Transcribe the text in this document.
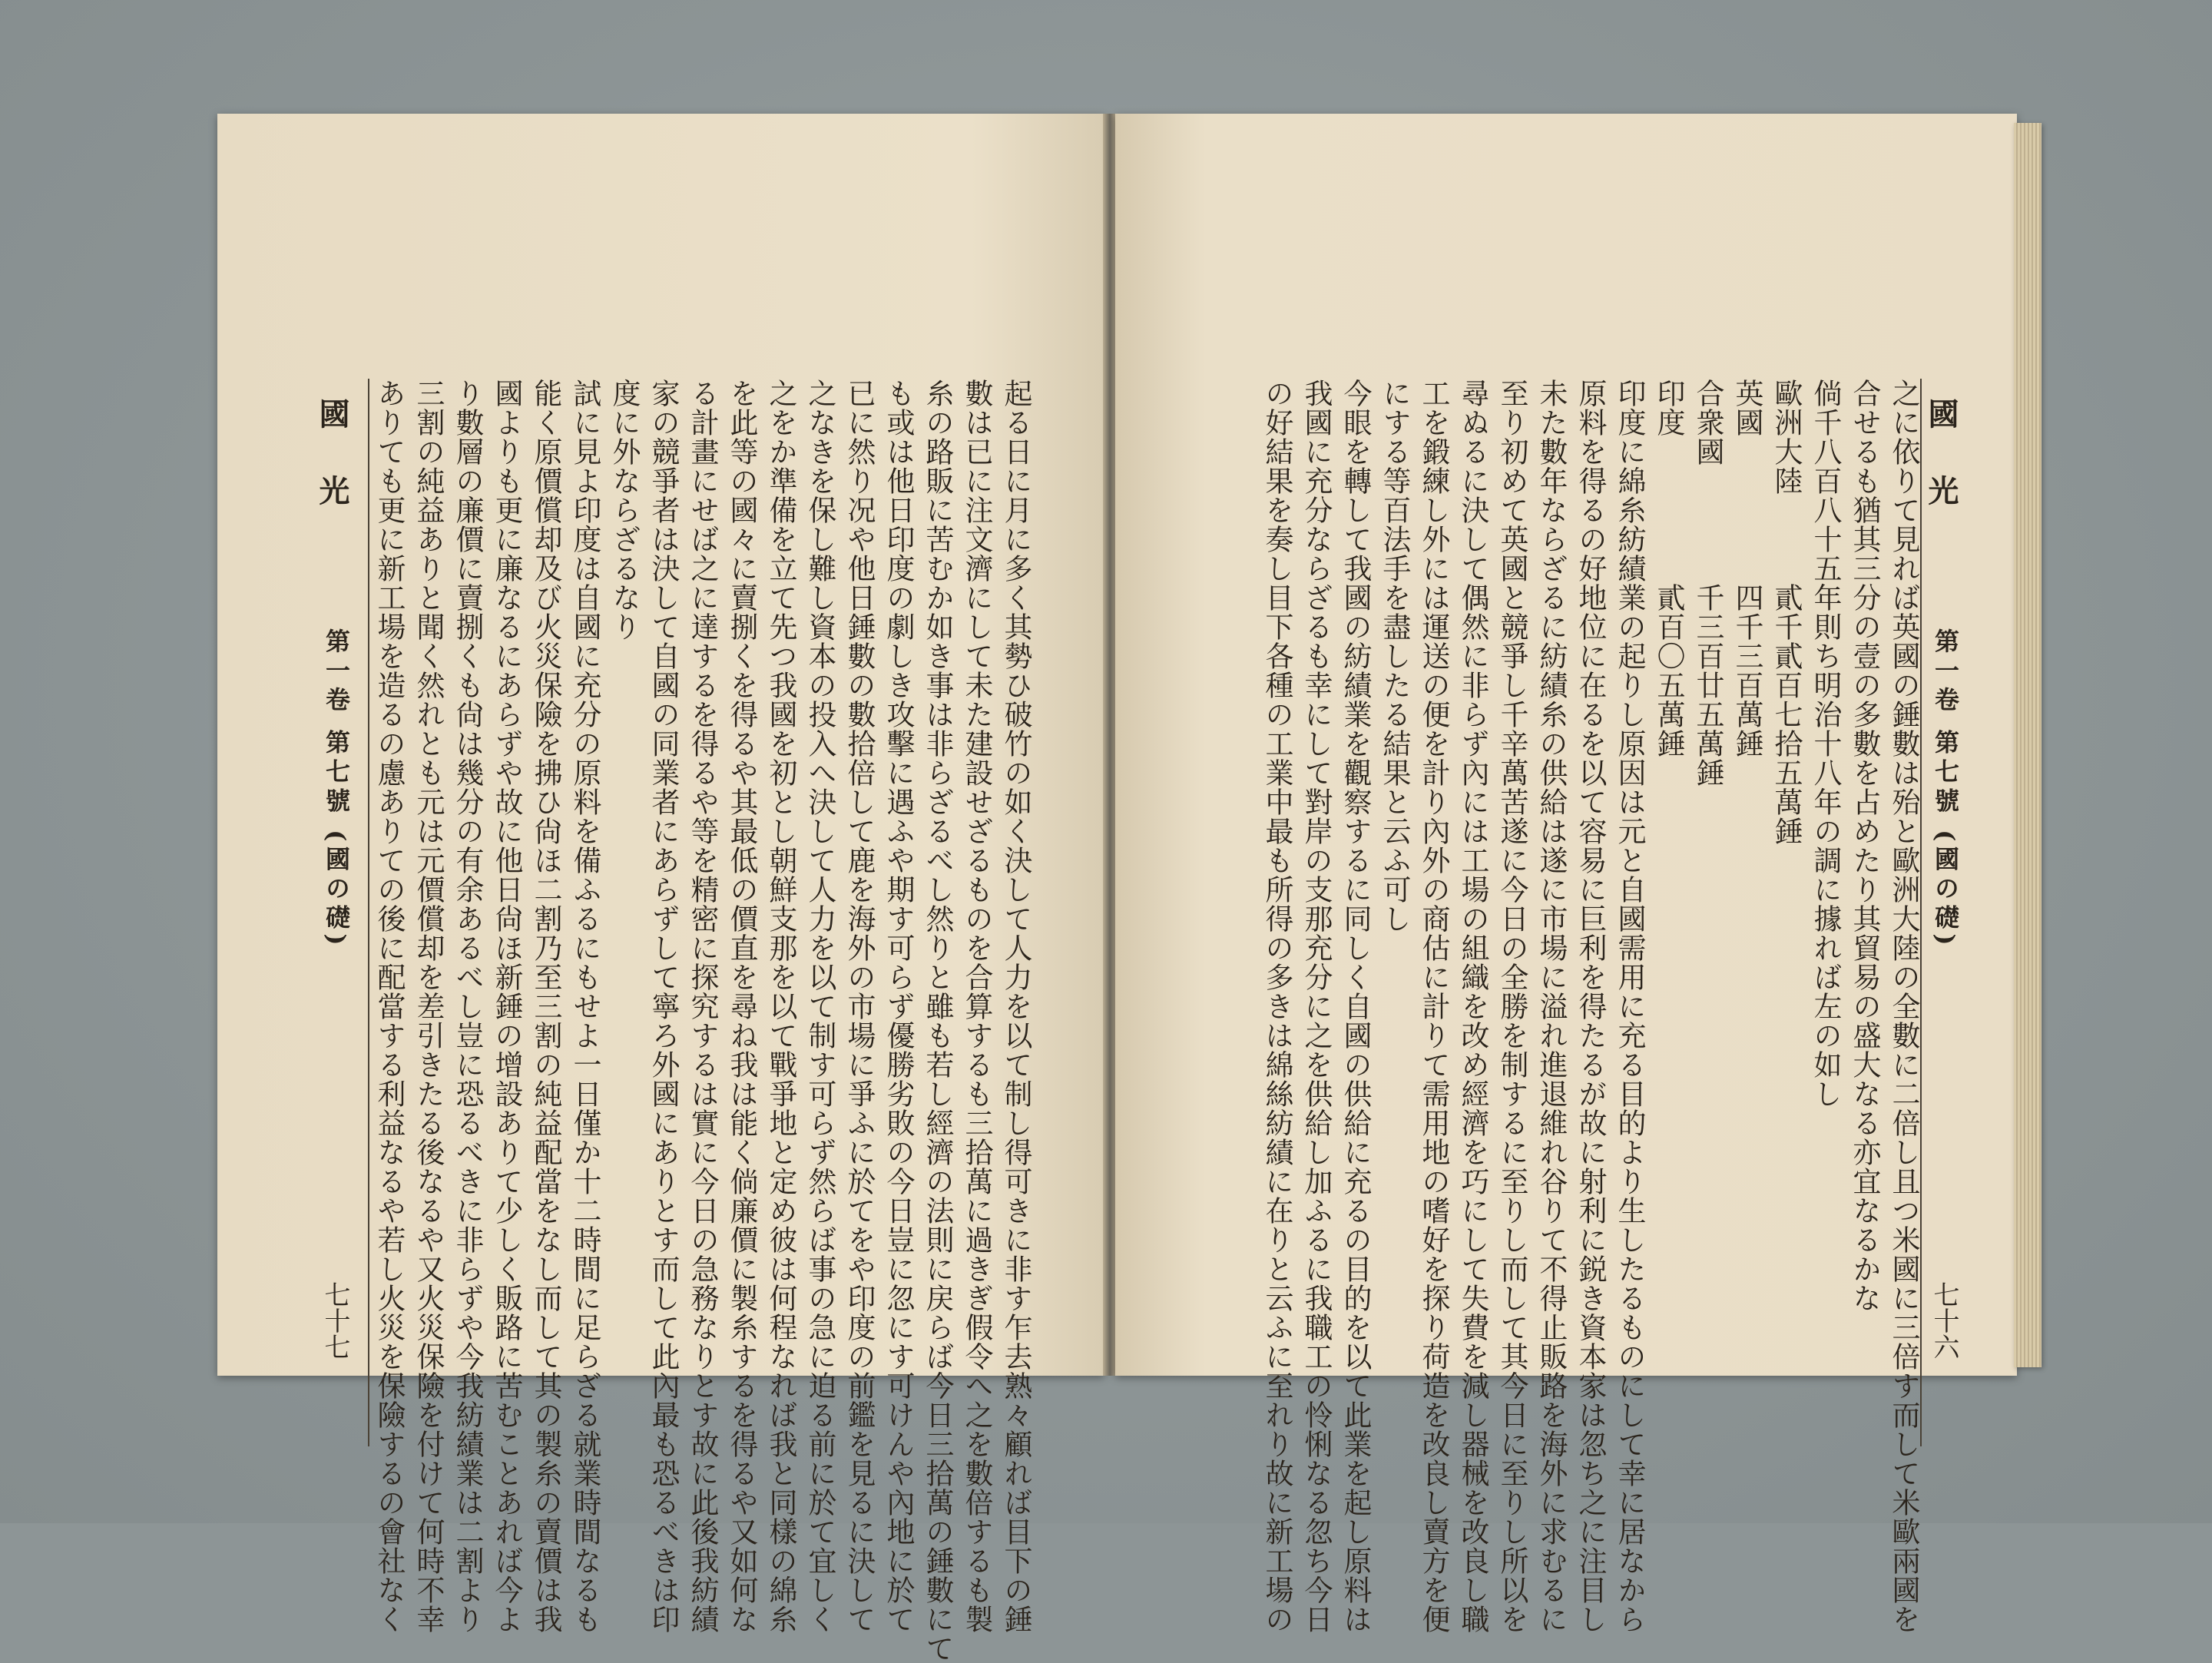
國光
第一卷 第七號 (國の礎)
七十七	起る日に月に多く其勢ひ破竹の如く決して人力を以て制し得可きに非す乍去熟々顧れば目下の錘

數は已に注文濟にして未た建設せざるものを合算するも三拾萬に過きぎ假令へ之を數倍するも製

糸の路販に苦むか如き事は非らざるべし然りと雖も若し經濟の法則に戻らば今日三拾萬の錘數にて

も或は他日印度の劇しき攻擊に遇ふや期す可らず優勝劣敗の今日豈に忽にす可けんや內地に於て

已に然り况や他日錘數の數拾倍して鹿を海外の市場に爭ふに於てをや印度の前鑑を見るに決して

之なきを保し難し資本の投入へ決して人力を以て制す可らず然らば事の急に迫る前に於て宜しく

之をか準備を立て先つ我國を初とし朝鮮支那を以て戰爭地と定め彼は何程なれば我と同樣の綿糸

を此等の國々に賣捌くを得るや其最低の價直を尋ね我は能く倘廉價に製糸するを得るや又如何な

る計畫にせば之に達するを得るや等を精密に探究するは實に今日の急務なりとす故に此後我紡績

家の競爭者は決して自國の同業者にあらずして寧ろ外國にありとす而して此內最も恐るべきは印

度に外ならざるなり

試に見よ印度は自國に充分の原料を備ふるにもせよ一日僅か十二時間に足らざる就業時間なるも

能く原價償却及び火災保險を拂ひ尙ほ二割乃至三割の純益配當をなし而して其の製糸の賣價は我

國よりも更に廉なるにあらずや故に他日尙ほ新錘の增設ありて少しく販路に苦むことあれば今よ

り數層の廉價に賣捌くも尙は幾分の有余あるべし豈に恐るべきに非らずや今我紡績業は二割より

三割の純益ありと聞く然れとも元は元價償却を差引きたる後なるや又火災保險を付けて何時不幸

ありても更に新工場を造るの慮ありての後に配當する利益なるや若し火災を保險するの會社なく	國光
第一卷 第七號 (國の礎)
七十六

之に依りて見れば英國の錘數は殆と歐洲大陸の全數に二倍し且つ米國に三倍す而して米歐兩國を

合せるも猶其三分の壹の多數を占めたり其貿易の盛大なる亦宜なるかな

倘千八百八十五年則ち明治十八年の調に據れば左の如し

歐洲大陸　　　貳千貳百七拾五萬錘

英國　　　　　四千三百萬錘

合衆國　　　　千三百廿五萬錘

印度　　　　　貳百〇五萬錘

印度に綿糸紡績業の起りし原因は元と自國需用に充る目的より生したるものにして幸に居なから

原料を得るの好地位に在るを以て容易に巨利を得たるが故に射利に鋭き資本家は忽ち之に注目し

未た數年ならざるに紡績糸の供給は遂に市場に溢れ進退維れ谷りて不得止販路を海外に求むるに

至り初めて英國と競爭し千辛萬苦遂に今日の全勝を制するに至りし而して其今日に至りし所以を

尋ぬるに決して偶然に非らず內には工場の組織を改め經濟を巧にして失費を減し器械を改良し職

工を鍛練し外には運送の便を計り內外の商估に計りて需用地の嗜好を探り荷造を改良し賣方を便

にする等百法手を盡したる結果と云ふ可し

今眼を轉して我國の紡績業を觀察するに同しく自國の供給に充るの目的を以て此業を起し原料は

我國に充分ならざるも幸にして對岸の支那充分に之を供給し加ふるに我職工の怜悧なる忽ち今日

の好結果を奏し目下各種の工業中最も所得の多きは綿絲紡績に在りと云ふに至れり故に新工場の
